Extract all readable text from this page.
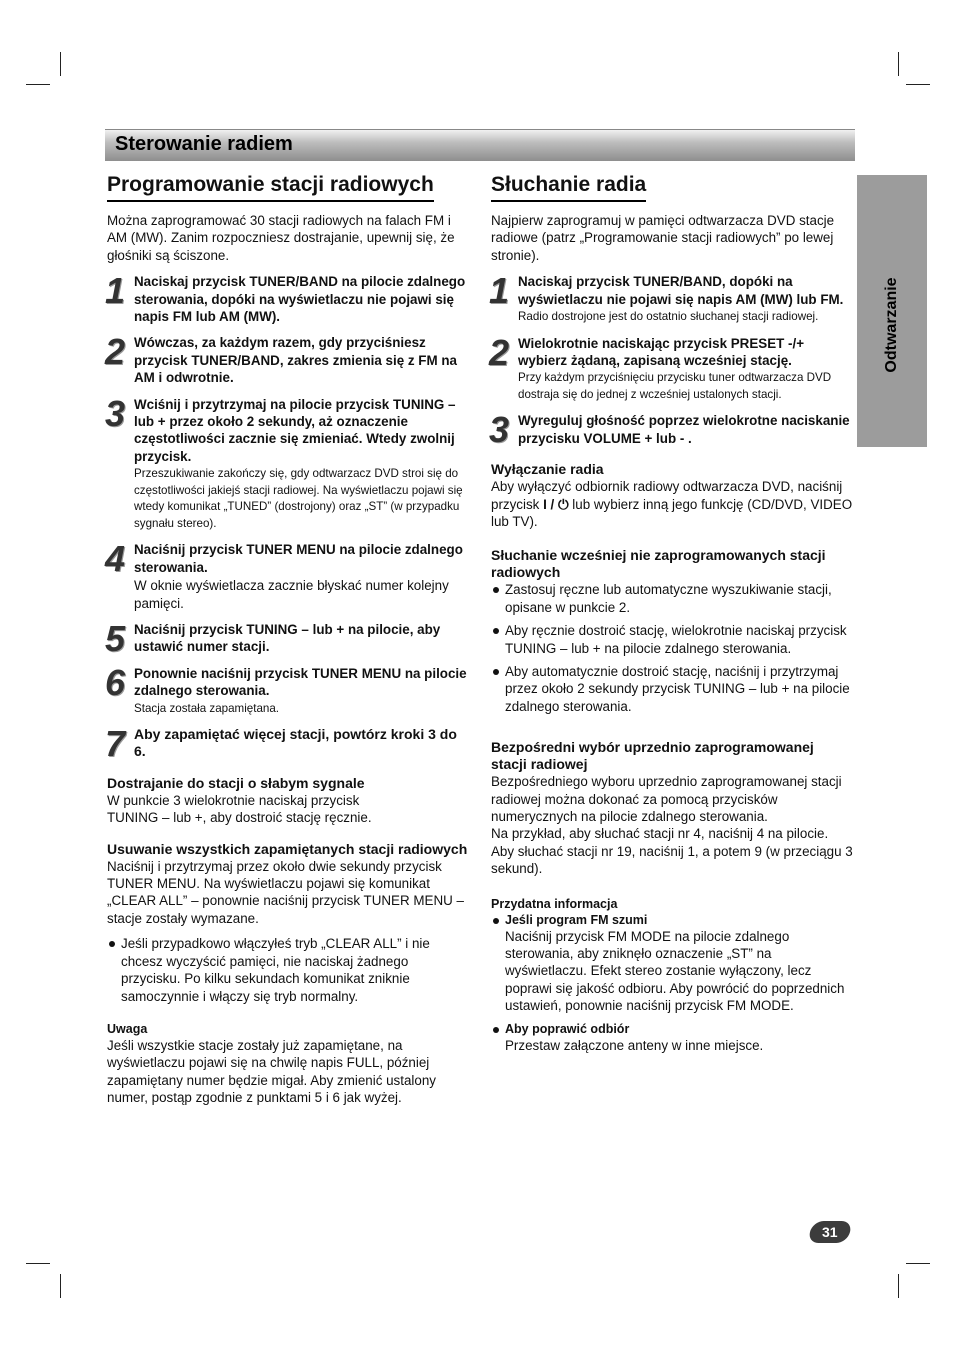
Sterowanie radiem
Odtwarzanie
Programowanie stacji radiowych

Można zaprogramować 30 stacji radiowych na falach FM i AM (MW). Zanim rozpoczniesz dostrajanie, upewnij się, że głośniki są ściszone.

1 Naciskaj przycisk TUNER/BAND na pilocie zdalnego sterowania, dopóki na wyświetlaczu nie pojawi się napis FM lub AM (MW).
2 Wówczas, za każdym razem, gdy przyciśniesz przycisk TUNER/BAND, zakres zmienia się z FM na AM i odwrotnie.
3 Wciśnij i przytrzymaj na pilocie przycisk TUNING – lub + przez około 2 sekundy, aż oznaczenie częstotliwości zacznie się zmieniać. Wtedy zwolnij przycisk.
Przeszukiwanie zakończy się, gdy odtwarzacz DVD stroi się do częstotliwości jakiejś stacji radiowej. Na wyświetlaczu pojawi się wtedy komunikat „TUNED” (dostrojony) oraz „ST” (w przypadku sygnału stereo).
4 Naciśnij przycisk TUNER MENU na pilocie zdalnego sterowania.
W oknie wyświetlacza zacznie błyskać numer kolejny pamięci.
5 Naciśnij przycisk TUNING – lub + na pilocie, aby ustawić numer stacji.
6 Ponownie naciśnij przycisk TUNER MENU na pilocie zdalnego sterowania.
Stacja została zapamiętana.
7 Aby zapamiętać więcej stacji, powtórz kroki 3 do 6.
Dostrajanie do stacji o słabym sygnale

W punkcie 3 wielokrotnie naciskaj przycisk TUNING – lub +, aby dostroić stację ręcznie.

Usuwanie wszystkich zapamiętanych stacji radiowych

Naciśnij i przytrzymaj przez około dwie sekundy przycisk TUNER MENU. Na wyświetlaczu pojawi się komunikat „CLEAR ALL” – ponownie naciśnij przycisk TUNER MENU – stacje zostały wymazane.

Jeśli przypadkowo włączyłeś tryb „CLEAR ALL” i nie chcesz wyczyścić pamięci, nie naciskaj żadnego przycisku. Po kilku sekundach komunikat zniknie samoczynnie i włączy się tryb normalny.

Uwaga

Jeśli wszystkie stacje zostały już zapamiętane, na wyświetlaczu pojawi się na chwilę napis FULL, później zapamiętany numer będzie migał. Aby zmienić ustalony numer, postąp zgodnie z punktami 5 i 6 jak wyżej.

Słuchanie radia

Najpierw zaprogramuj w pamięci odtwarzacza DVD stacje radiowe (patrz „Programowanie stacji radiowych” po lewej stronie).

1 Naciskaj przycisk TUNER/BAND, dopóki na wyświetlaczu nie pojawi się napis AM (MW) lub FM.
Radio dostrojone jest do ostatnio słuchanej stacji radiowej.
2 Wielokrotnie naciskając przycisk PRESET -/+ wybierz żądaną, zapisaną wcześniej stację.
Przy każdym przyciśnięciu przycisku tuner odtwarzacza DVD dostraja się do jednej z wcześniej ustalonych stacji.
3 Wyreguluj głośność poprzez wielokrotne naciskanie przycisku VOLUME + lub - .
Wyłączanie radia

Aby wyłączyć odbiornik radiowy odtwarzacza DVD, naciśnij przycisk I / ⏻ lub wybierz inną jego funkcję (CD/DVD, VIDEO lub TV).

Słuchanie wcześniej nie zaprogramowanych stacji radiowych

Zastosuj ręczne lub automatyczne wyszukiwanie stacji, opisane w punkcie 2.

Aby ręcznie dostroić stację, wielokrotnie naciskaj przycisk TUNING – lub + na pilocie zdalnego sterowania.

Aby automatycznie dostroić stację, naciśnij i przytrzymaj przez około 2 sekundy przycisk TUNING – lub + na pilocie zdalnego sterowania.

Bezpośredni wybór uprzednio zaprogramowanej stacji radiowej

Bezpośredniego wyboru uprzednio zaprogramowanej stacji radiowej można dokonać za pomocą przycisków numerycznych na pilocie zdalnego sterowania.

Na przykład, aby słuchać stacji nr 4, naciśnij 4 na pilocie. Aby słuchać stacji nr 19, naciśnij 1, a potem 9 (w przeciągu 3 sekund).

Przydatna informacja
Jeśli program FM szumi

Naciśnij przycisk FM MODE na pilocie zdalnego sterowania, aby zniknęło oznaczenie „ST” na wyświetlaczu. Efekt stereo zostanie wyłączony, lecz poprawi się jakość odbioru. Aby powrócić do poprzednich ustawień, ponownie naciśnij przycisk FM MODE.

Aby poprawić odbiór

Przestaw załączone anteny w inne miejsce.

31
